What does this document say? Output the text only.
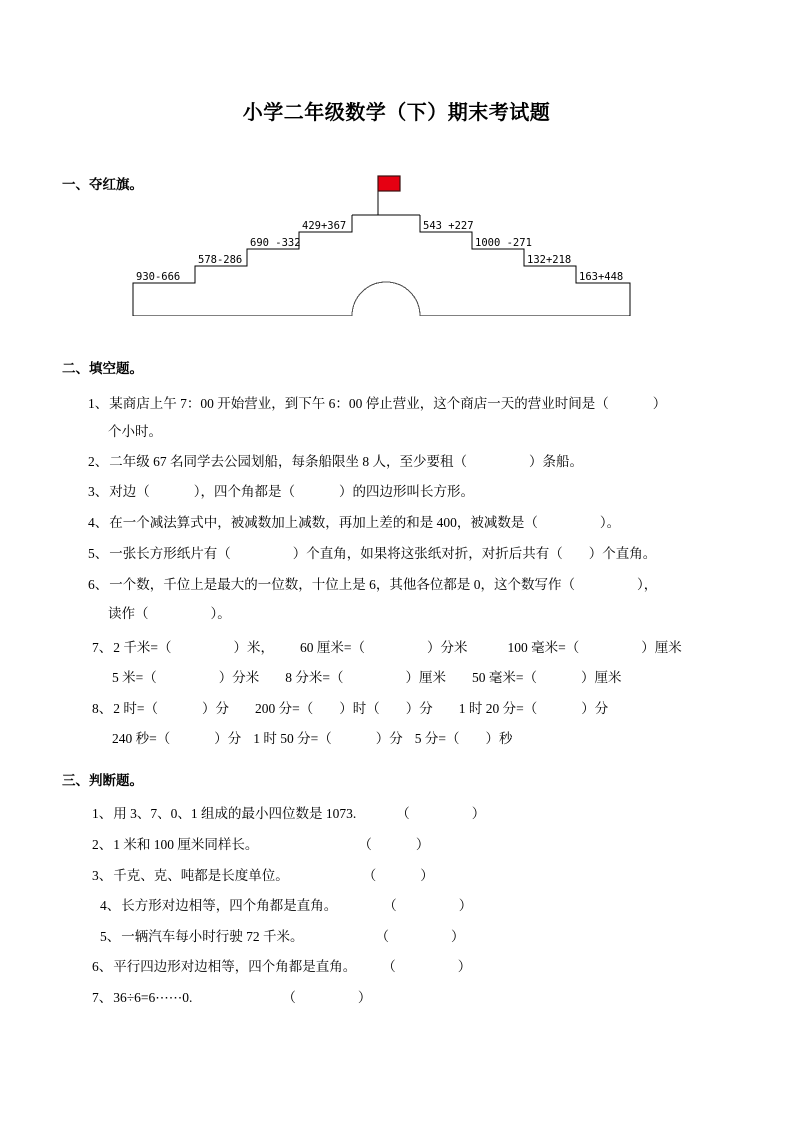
小学二年级数学（下）期末考试题
一、夺红旗。
930-666
578-286
690 -332
429+367	543 +227
1000 -271
132+218
163+448
二、填空题。
1、某商店上午 7：00 开始营业，到下午 6：00 停止营业，这个商店一天的营业时间是（	）
个小时。
2、二年级 67 名同学去公园划船，每条船限坐 8 人，至少要租（	）条船。
3、对边（	），四个角都是（	）的四边形叫长方形。
4、在一个减法算式中，被减数加上减数，再加上差的和是 400，被减数是（	）。
5、一张长方形纸片有（	）个直角，如果将这张纸对折，对折后共有（ ）个直角。
6、一个数，千位上是最大的一位数，十位上是 6，其他各位都是 0，这个数写作（	），
读作（	）。
7、2 千米=（	）米， 60 厘米=（	）分米	100 毫米=（	）厘米
5 米=（	）分米 8 分米=（	）厘米 50 毫米=（	）厘米
8、2 时=（	）分 200 分=（ ）时（ ）分 1 时 20 分=（	）分
240 秒=（	）分 1 时 50 分=（	）分 5 分=（ ）秒
三、判断题。
1、用 3、7、0、1 组成的最小四位数是 1073.	（	）
2、1 米和 100 厘米同样长。	（	）
3、千克、克、吨都是长度单位。	（	）
4、长方形对边相等，四个角都是直角。	（	）
5、一辆汽车每小时行驶 72 千米。	（	）
6、平行四边形对边相等，四个角都是直角。 （	）
7、36÷6=6⋯⋯0.	（	）
